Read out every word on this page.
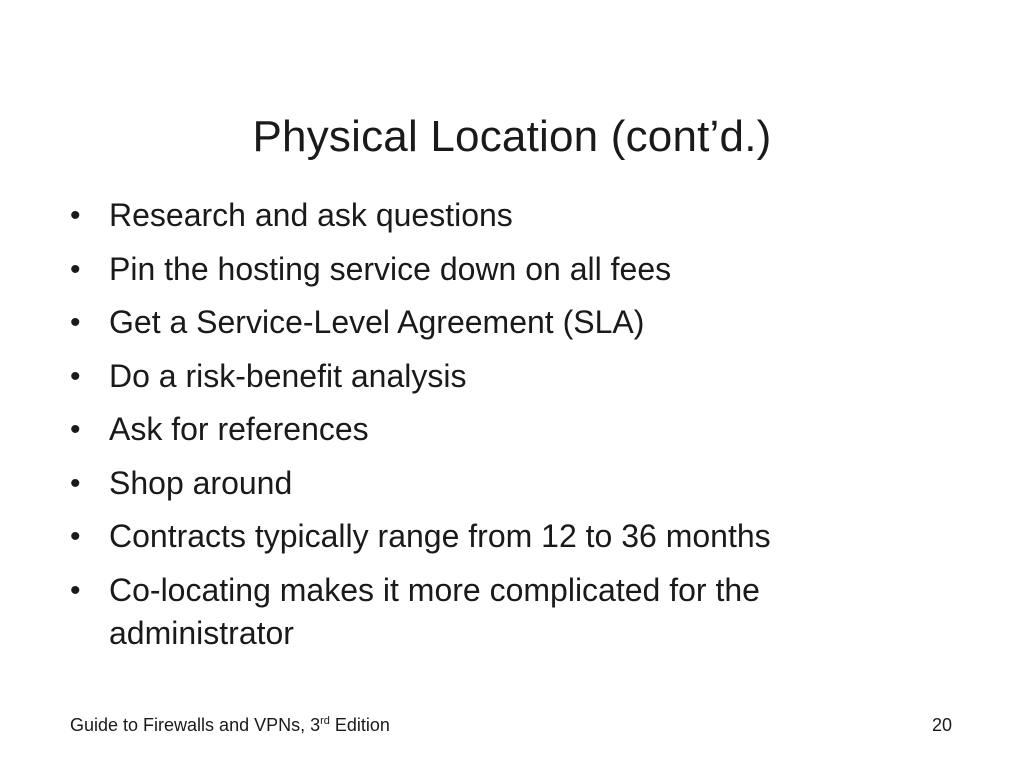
Physical Location (cont’d.)
• Research and ask questions
• Pin the hosting service down on all fees
• Get a Service-Level Agreement (SLA)
• Do a risk-benefit analysis
• Ask for references
• Shop around
• Contracts typically range from 12 to 36 months
• Co-locating makes it more complicated for the administrator
Guide to Firewalls and VPNs, 3rd Edition	20
